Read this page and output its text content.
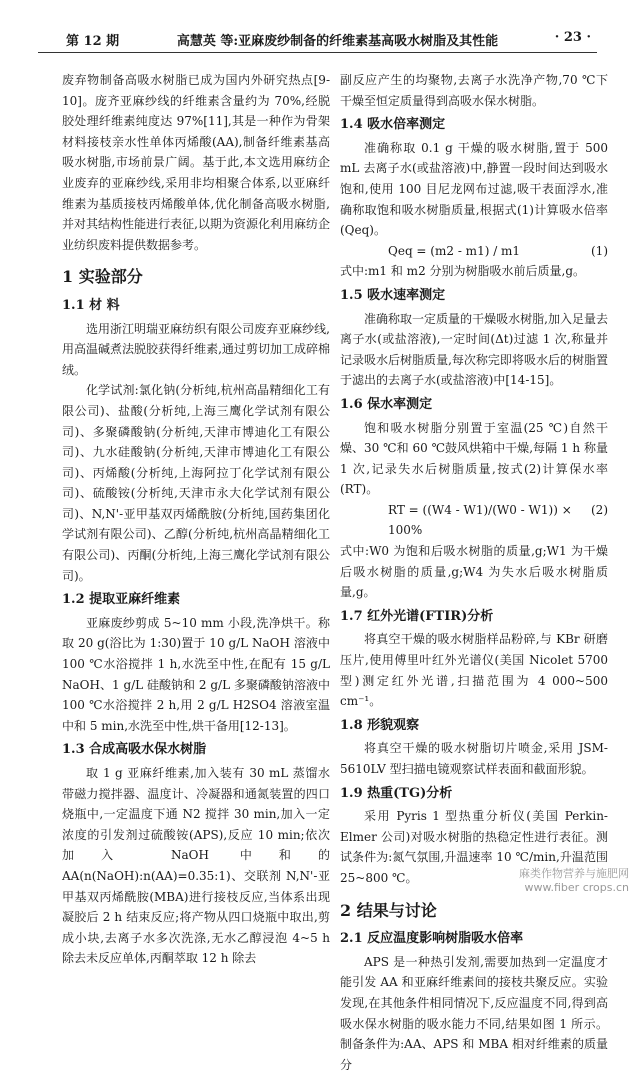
第 12 期	高慧英 等:亚麻废纱制备的纤维素基高吸水树脂及其性能	· 23 ·

废弃物制备高吸水树脂已成为国内外研究热点[9-10]。庞齐亚麻纱线的纤维素含量约为 70%,经脱胶处理纤维素纯度达 97%[11],其是一种作为骨架材料接枝亲水性单体丙烯酸(AA),制备纤维素基高吸水树脂,市场前景广阔。基于此,本文选用麻纺企业废弃的亚麻纱线,采用非均相聚合体系,以亚麻纤维素为基质接枝丙烯酸单体,优化制备高吸水树脂,并对其结构性能进行表征,以期为资源化利用麻纺企业纺织废料提供数据参考。

1 实验部分
1.1 材 料

选用浙江明瑞亚麻纺织有限公司废弃亚麻纱线,用高温碱煮法脱胶获得纤维素,通过剪切加工成碎棉绒。

化学试剂:氯化钠(分析纯,杭州高晶精细化工有限公司)、盐酸(分析纯,上海三鹰化学试剂有限公司)、多聚磷酸钠(分析纯,天津市博迪化工有限公司)、九水硅酸钠(分析纯,天津市博迪化工有限公司)、丙烯酸(分析纯,上海阿拉丁化学试剂有限公司)、硫酸铵(分析纯,天津市永大化学试剂有限公司)、N,N'-亚甲基双丙烯酰胺(分析纯,国药集团化学试剂有限公司)、乙醇(分析纯,杭州高晶精细化工有限公司)、丙酮(分析纯,上海三鹰化学试剂有限公司)。

1.2 提取亚麻纤维素

亚麻废纱剪成 5~10 mm 小段,洗净烘干。称取 20 g(浴比为 1:30)置于 10 g/L NaOH 溶液中 100 ℃水浴搅拌 1 h,水洗至中性,在配有 15 g/L NaOH、1 g/L 硅酸钠和 2 g/L 多聚磷酸钠溶液中 100 ℃水浴搅拌 2 h,用 2 g/L H2SO4 溶液室温中和 5 min,水洗至中性,烘干备用[12-13]。

1.3 合成高吸水保水树脂

取 1 g 亚麻纤维素,加入装有 30 mL 蒸馏水带磁力搅拌器、温度计、冷凝器和通氮装置的四口烧瓶中,一定温度下通 N2 搅拌 30 min,加入一定浓度的引发剂过硫酸铵(APS),反应 10 min;依次加入 NaOH 中和的 AA(n(NaOH):n(AA)=0.35:1)、交联剂 N,N'-亚甲基双丙烯酰胺(MBA)进行接枝反应,当体系出现凝胶后 2 h 结束反应;将产物从四口烧瓶中取出,剪成小块,去离子水多次洗涤,无水乙醇浸泡 4~5 h 除去未反应单体,丙酮萃取 12 h 除去

副反应产生的均聚物,去离子水洗净产物,70 ℃下干燥至恒定质量得到高吸水保水树脂。

1.4 吸水倍率测定

准确称取 0.1 g 干燥的吸水树脂,置于 500 mL 去离子水(或盐溶液)中,静置一段时间达到吸水饱和,使用 100 目尼龙网布过滤,吸干表面浮水,准确称取饱和吸水树脂质量,根据式(1)计算吸水倍率(Qeq)。

Qeq = (m2 - m1) / m1	(1)

式中:m1 和 m2 分别为树脂吸水前后质量,g。

1.5 吸水速率测定

准确称取一定质量的干燥吸水树脂,加入足量去离子水(或盐溶液),一定时间(Δt)过滤 1 次,称量并记录吸水后树脂质量,每次称完即将吸水后的树脂置于滤出的去离子水(或盐溶液)中[14-15]。

1.6 保水率测定

饱和吸水树脂分别置于室温(25 ℃)自然干燥、30 ℃和 60 ℃鼓风烘箱中干燥,每隔 1 h 称量 1 次,记录失水后树脂质量,按式(2)计算保水率(RT)。

RT = ((W4 - W1)/(W0 - W1)) × 100%
(2)

式中:W0 为饱和后吸水树脂的质量,g;W1 为干燥后吸水树脂的质量,g;W4 为失水后吸水树脂质量,g。

1.7 红外光谱(FTIR)分析

将真空干燥的吸水树脂样品粉碎,与 KBr 研磨压片,使用傅里叶红外光谱仪(美国 Nicolet 5700 型)测定红外光谱,扫描范围为 4 000~500 cm⁻¹。

1.8 形貌观察

将真空干燥的吸水树脂切片喷金,采用 JSM-5610LV 型扫描电镜观察试样表面和截面形貌。

1.9 热重(TG)分析

采用 Pyris 1 型热重分析仪(美国 Perkin-Elmer 公司)对吸水树脂的热稳定性进行表征。测试条件为:氮气氛围,升温速率 10 ℃/min,升温范围 25~800 ℃。

2 结果与讨论
2.1 反应温度影响树脂吸水倍率

APS 是一种热引发剂,需要加热到一定温度才能引发 AA 和亚麻纤维素间的接枝共聚反应。实验发现,在其他条件相同情况下,反应温度不同,得到高吸水保水树脂的吸水能力不同,结果如图 1 所示。制备条件为:AA、APS 和 MBA 相对纤维素的质量分

麻类作物营养与施肥网
www.fiber crops.cn
